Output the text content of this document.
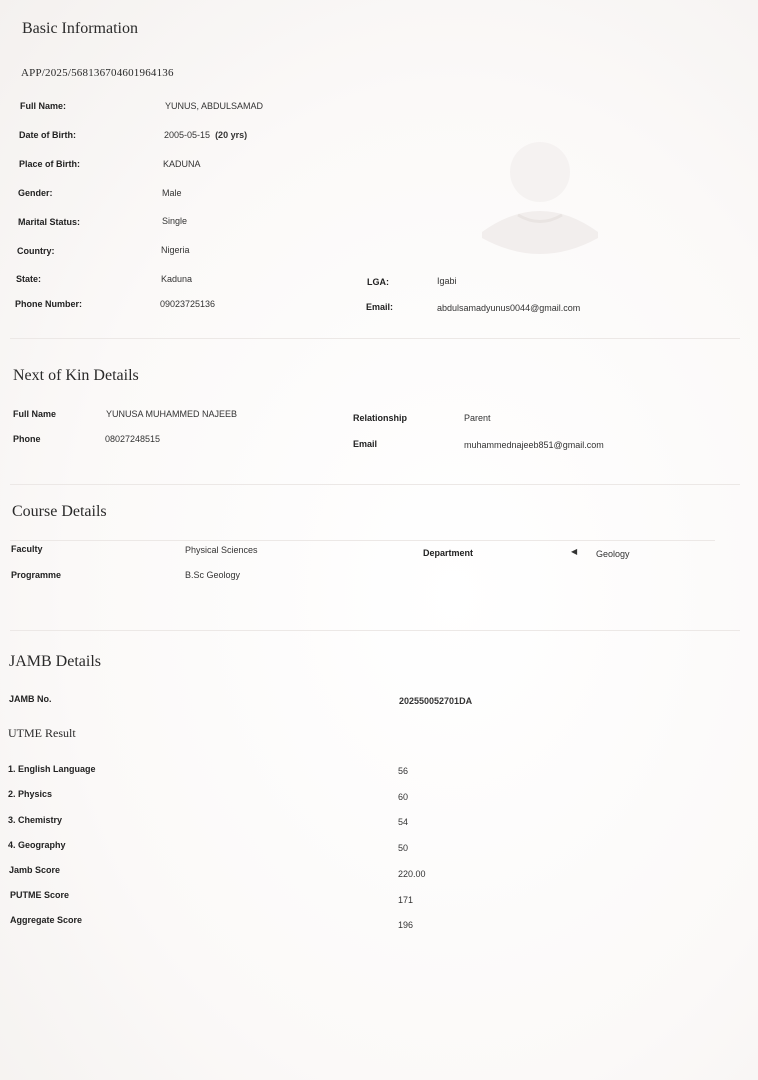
Basic Information
APP/2025/568136704601964136
Full Name:	YUNUS, ABDULSAMAD
Date of Birth:	2005-05-15 (20 yrs)
Place of Birth:	KADUNA
Gender:	Male
Marital Status:	Single
Country:	Nigeria
State:	Kaduna	LGA:	Igabi
Phone Number:	09023725136	Email:	abdulsamadyunus0044@gmail.com
Next of Kin Details
Full Name	YUNUSA MUHAMMED NAJEEB	Relationship	Parent
Phone	08027248515	Email	muhammednajeeb851@gmail.com
Course Details
Faculty	Physical Sciences	Department	◀ Geology
Programme	B.Sc Geology
JAMB Details
JAMB No.	202550052701DA
UTME Result
1. English Language	56
2. Physics	60
3. Chemistry	54
4. Geography	50
Jamb Score	220.00
PUTME Score	171
Aggregate Score	196
